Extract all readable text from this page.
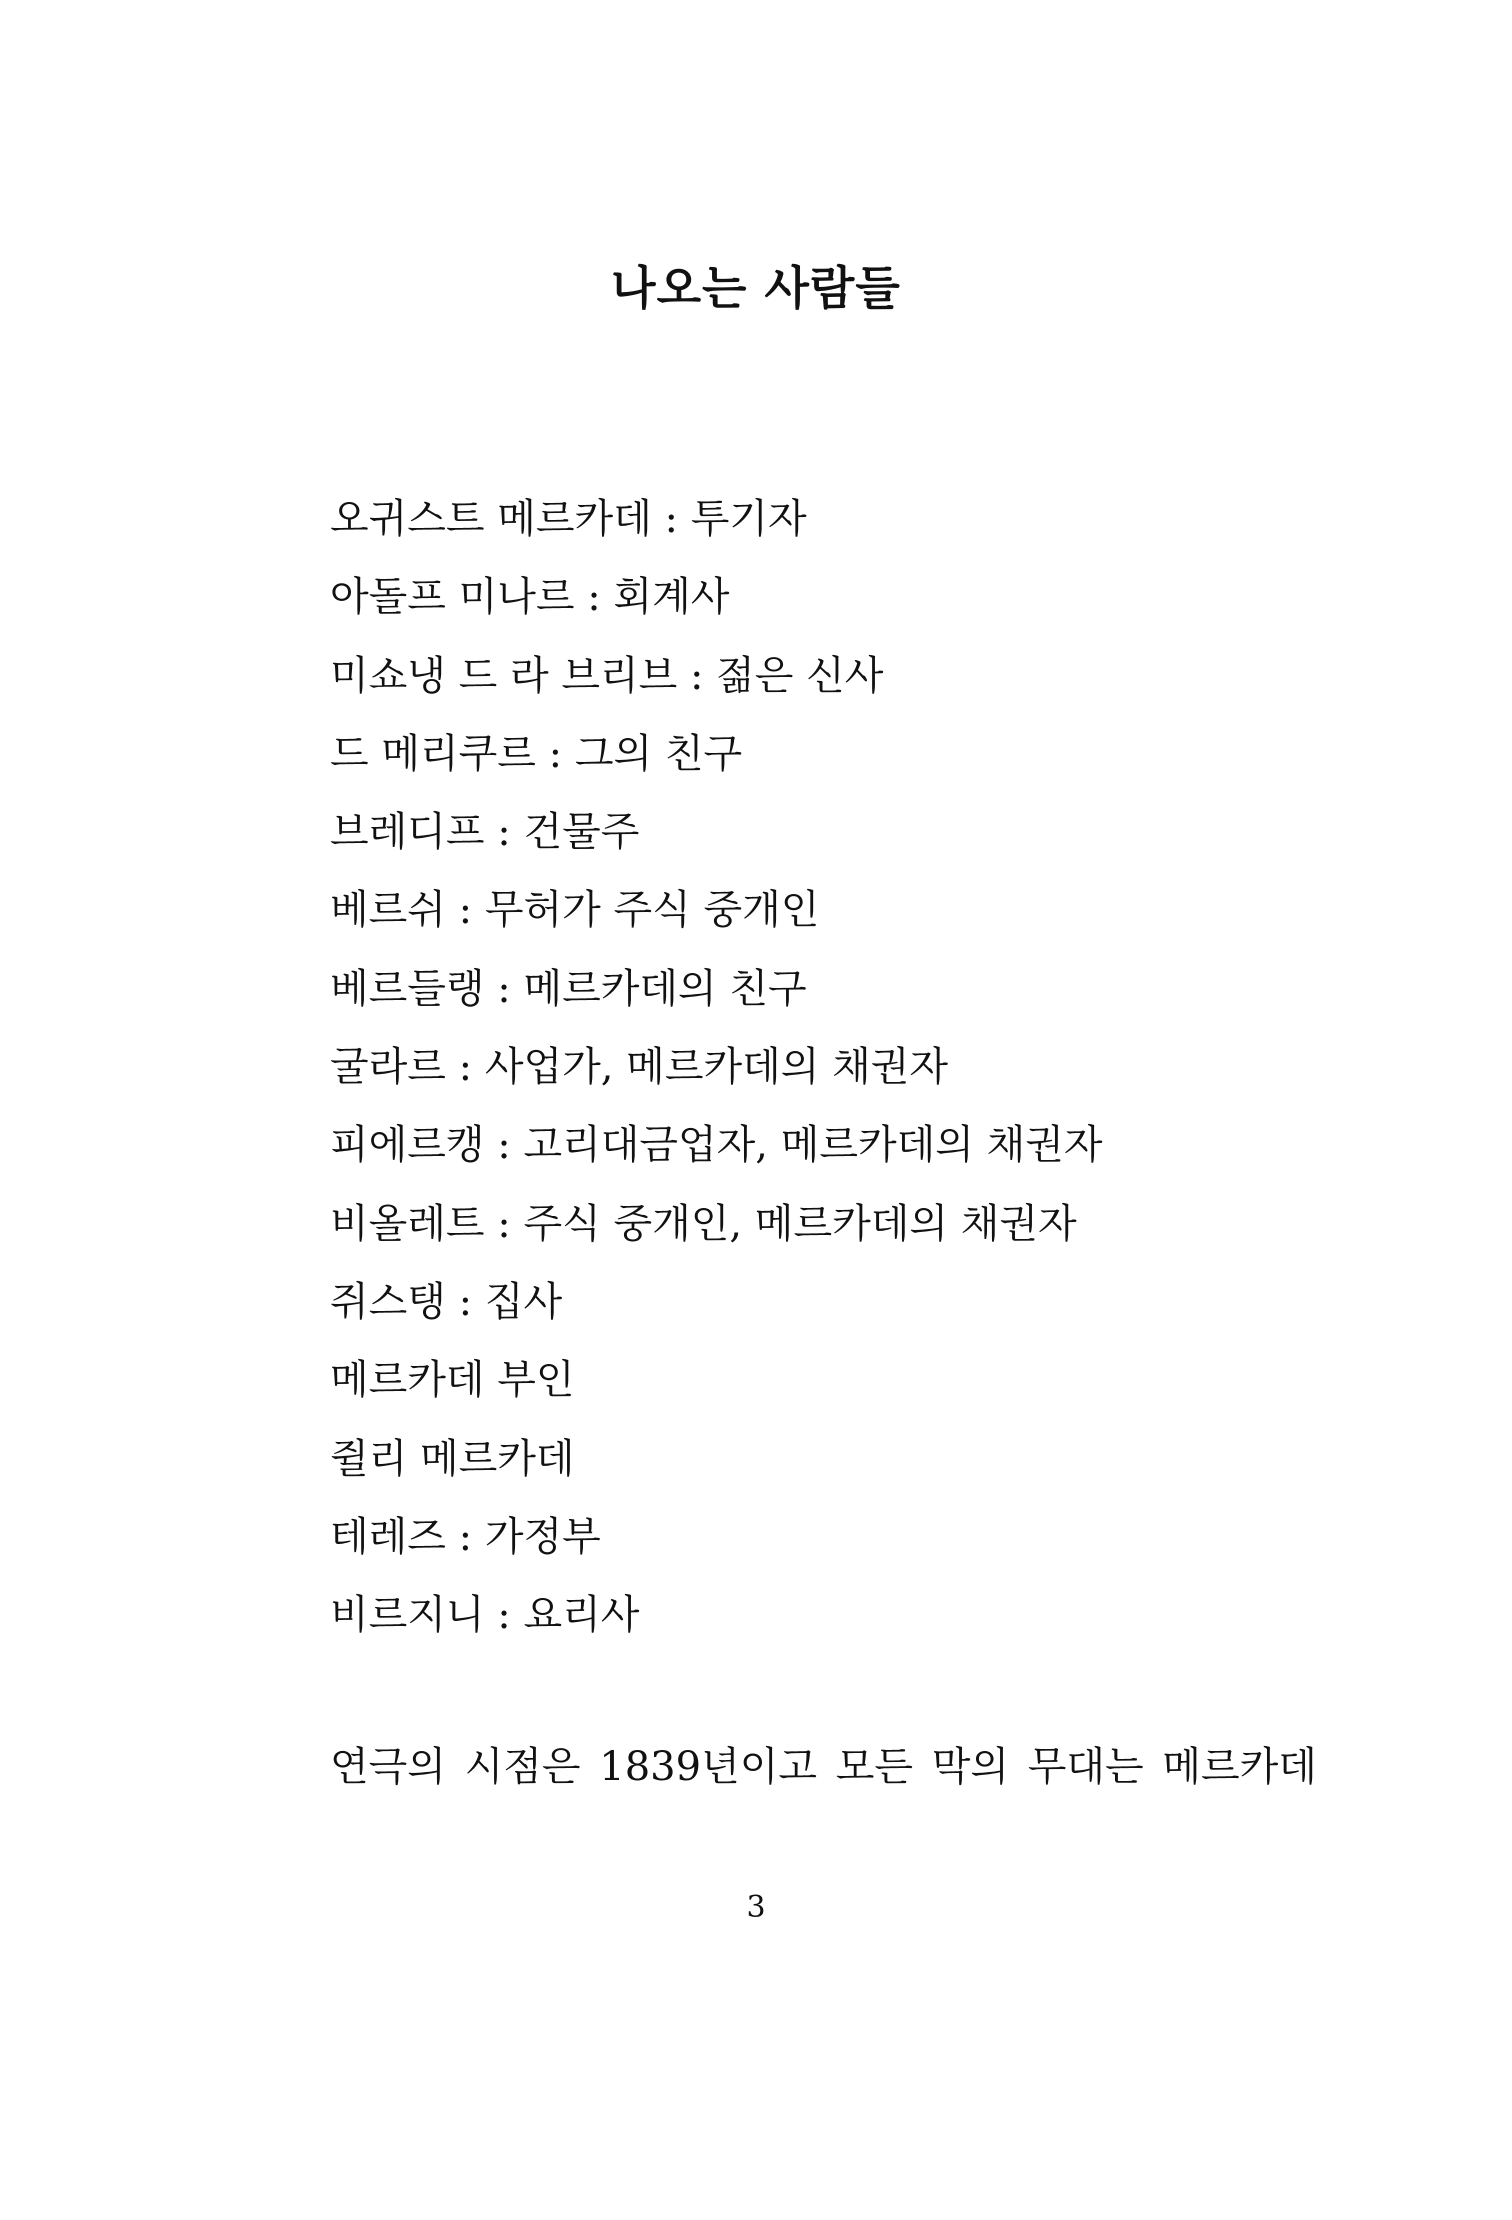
나오는 사람들
오귀스트 메르카데 : 투기자
아돌프 미나르 : 회계사
미쇼냉 드 라 브리브 : 젊은 신사
드 메리쿠르 : 그의 친구
브레디프 : 건물주
베르쉬 : 무허가 주식 중개인
베르들랭 : 메르카데의 친구
굴라르 : 사업가, 메르카데의 채권자
피에르캥 : 고리대금업자, 메르카데의 채권자
비올레트 : 주식 중개인, 메르카데의 채권자
쥐스탱 : 집사
메르카데 부인
쥘리 메르카데
테레즈 : 가정부
비르지니 : 요리사
연극의 시점은 1839년이고 모든 막의 무대는 메르카데
3
